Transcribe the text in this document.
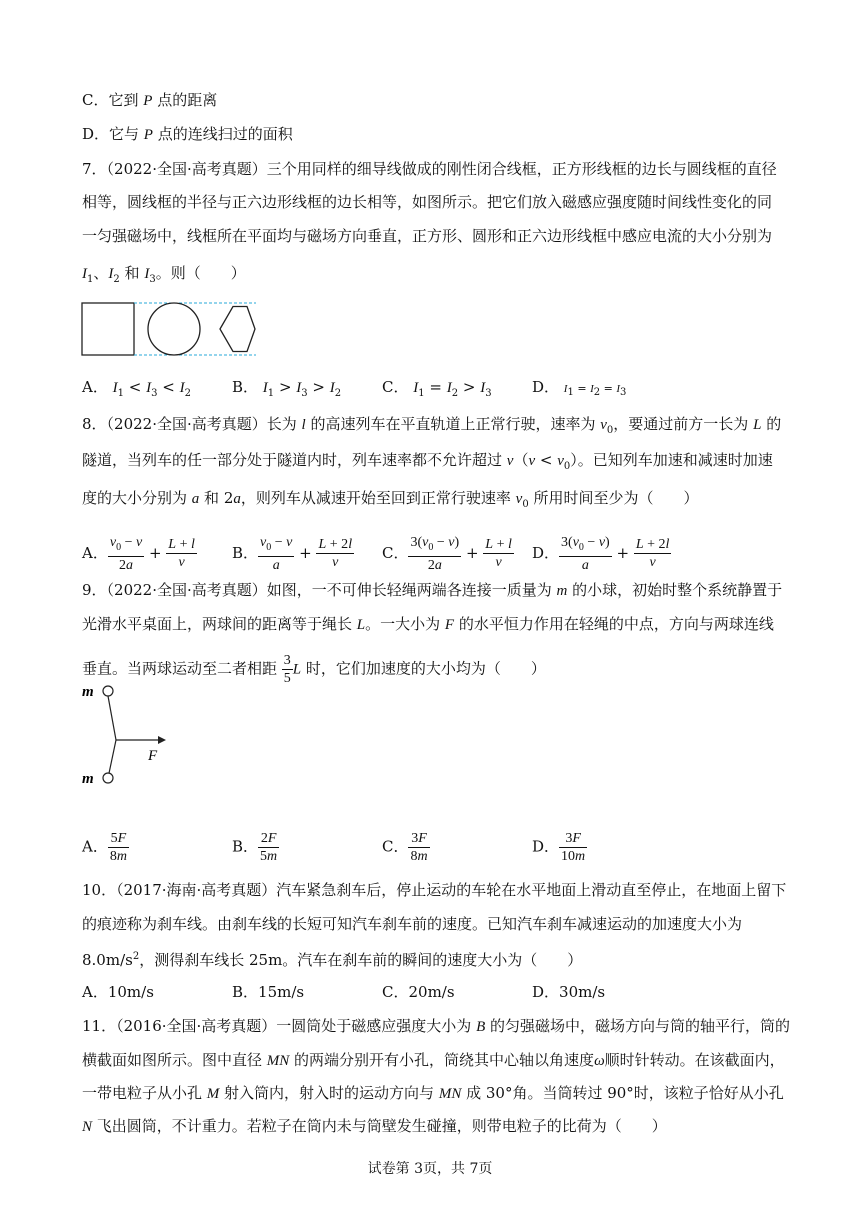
C．它到 P 点的距离
D．它与 P 点的连线扫过的面积
7．（2022·全国·高考真题）三个用同样的细导线做成的刚性闭合线框，正方形线框的边长与圆线框的直径
相等，圆线框的半径与正六边形线框的边长相等，如图所示。把它们放入磁感应强度随时间线性变化的同
一匀强磁场中，线框所在平面均与磁场方向垂直，正方形、圆形和正六边形线框中感应电流的大小分别为
$I_1$、$I_2$ 和 $I_3$。则（　　）
A． $I_1 < I_3 < I_2$	B． $I_1 > I_3 > I_2$	C． $I_1 = I_2 > I_3$	D． $I_1 = I_2 = I_3$
8．（2022·全国·高考真题）长为 l 的高速列车在平直轨道上正常行驶，速率为 $v_0$，要通过前方一长为 L 的
隧道，当列车的任一部分处于隧道内时，列车速率都不允许超过 $v(v < v_0)$。已知列车加速和减速时加速
度的大小分别为 a 和 2a，则列车从减速开始至回到正常行驶速率 $v_0$ 所用时间至少为（　　）
A． $\frac{v_0 - v}{2a} + \frac{L + l}{v}$ B． $\frac{v_0 - v}{a} + \frac{L + 2l}{v}$ C． $\frac{3(v_0 - v)}{2a} + \frac{L + l}{v}$ D． $\frac{3(v_0 - v)}{a} + \frac{L + 2l}{v}$
9．（2022·全国·高考真题）如图，一不可伸长轻绳两端各连接一质量为 m 的小球，初始时整个系统静置于
光滑水平桌面上，两球间的距离等于绳长 L。一大小为 F 的水平恒力作用在轻绳的中点，方向与两球连线
垂直。当两球运动至二者相距 $\frac{3}{5}$ L 时，它们加速度的大小均为（　　）
m
m
F
A． $\frac{5F}{8m}$	B． $\frac{2F}{5m}$	C． $\frac{3F}{8m}$	D． $\frac{3F}{10m}$
10．（2017·海南·高考真题）汽车紧急刹车后，停止运动的车轮在水平地面上滑动直至停止，在地面上留下
的痕迹称为刹车线。由刹车线的长短可知汽车刹车前的速度。已知汽车刹车减速运动的加速度大小为
$8.0m/s^2$，测得刹车线长 25m。汽车在刹车前的瞬间的速度大小为（　　）
A．10m/s	B．15m/s	C．20m/s	D．30m/s
11．（2016·全国·高考真题）一圆筒处于磁感应强度大小为 B 的匀强磁场中，磁场方向与筒的轴平行，筒的
横截面如图所示。图中直径 MN 的两端分别开有小孔，筒绕其中心轴以角速度ω顺时针转动。在该截面内，
一带电粒子从小孔 M 射入筒内，射入时的运动方向与 MN 成 30°角。当筒转过 90°时，该粒子恰好从小孔
N 飞出圆筒，不计重力。若粒子在筒内未与筒壁发生碰撞，则带电粒子的比荷为（　　）
试卷第 3页，共 7页
